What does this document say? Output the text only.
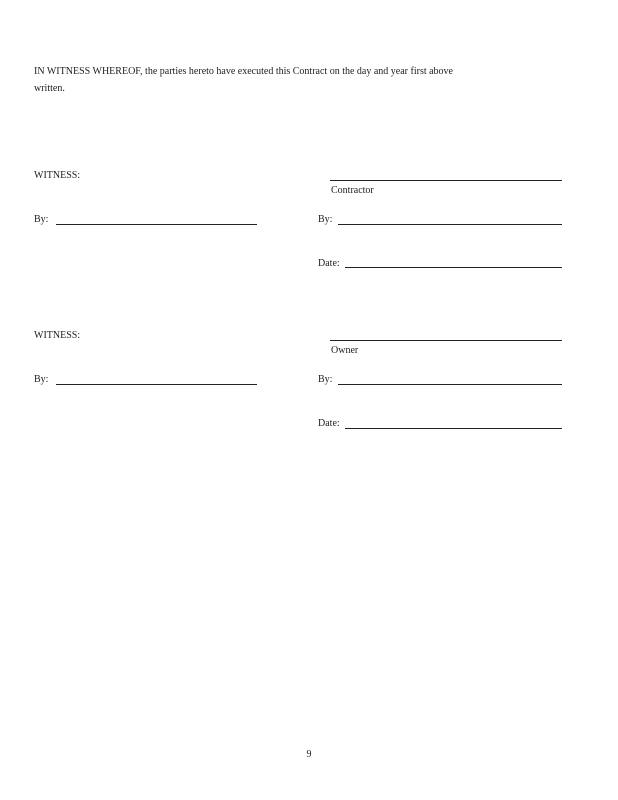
IN WITNESS WHEREOF, the parties hereto have executed this Contract on the day and year first above written.
WITNESS:
Contractor
By:	By:
Date:
WITNESS:
Owner
By:	By:
Date:
9
